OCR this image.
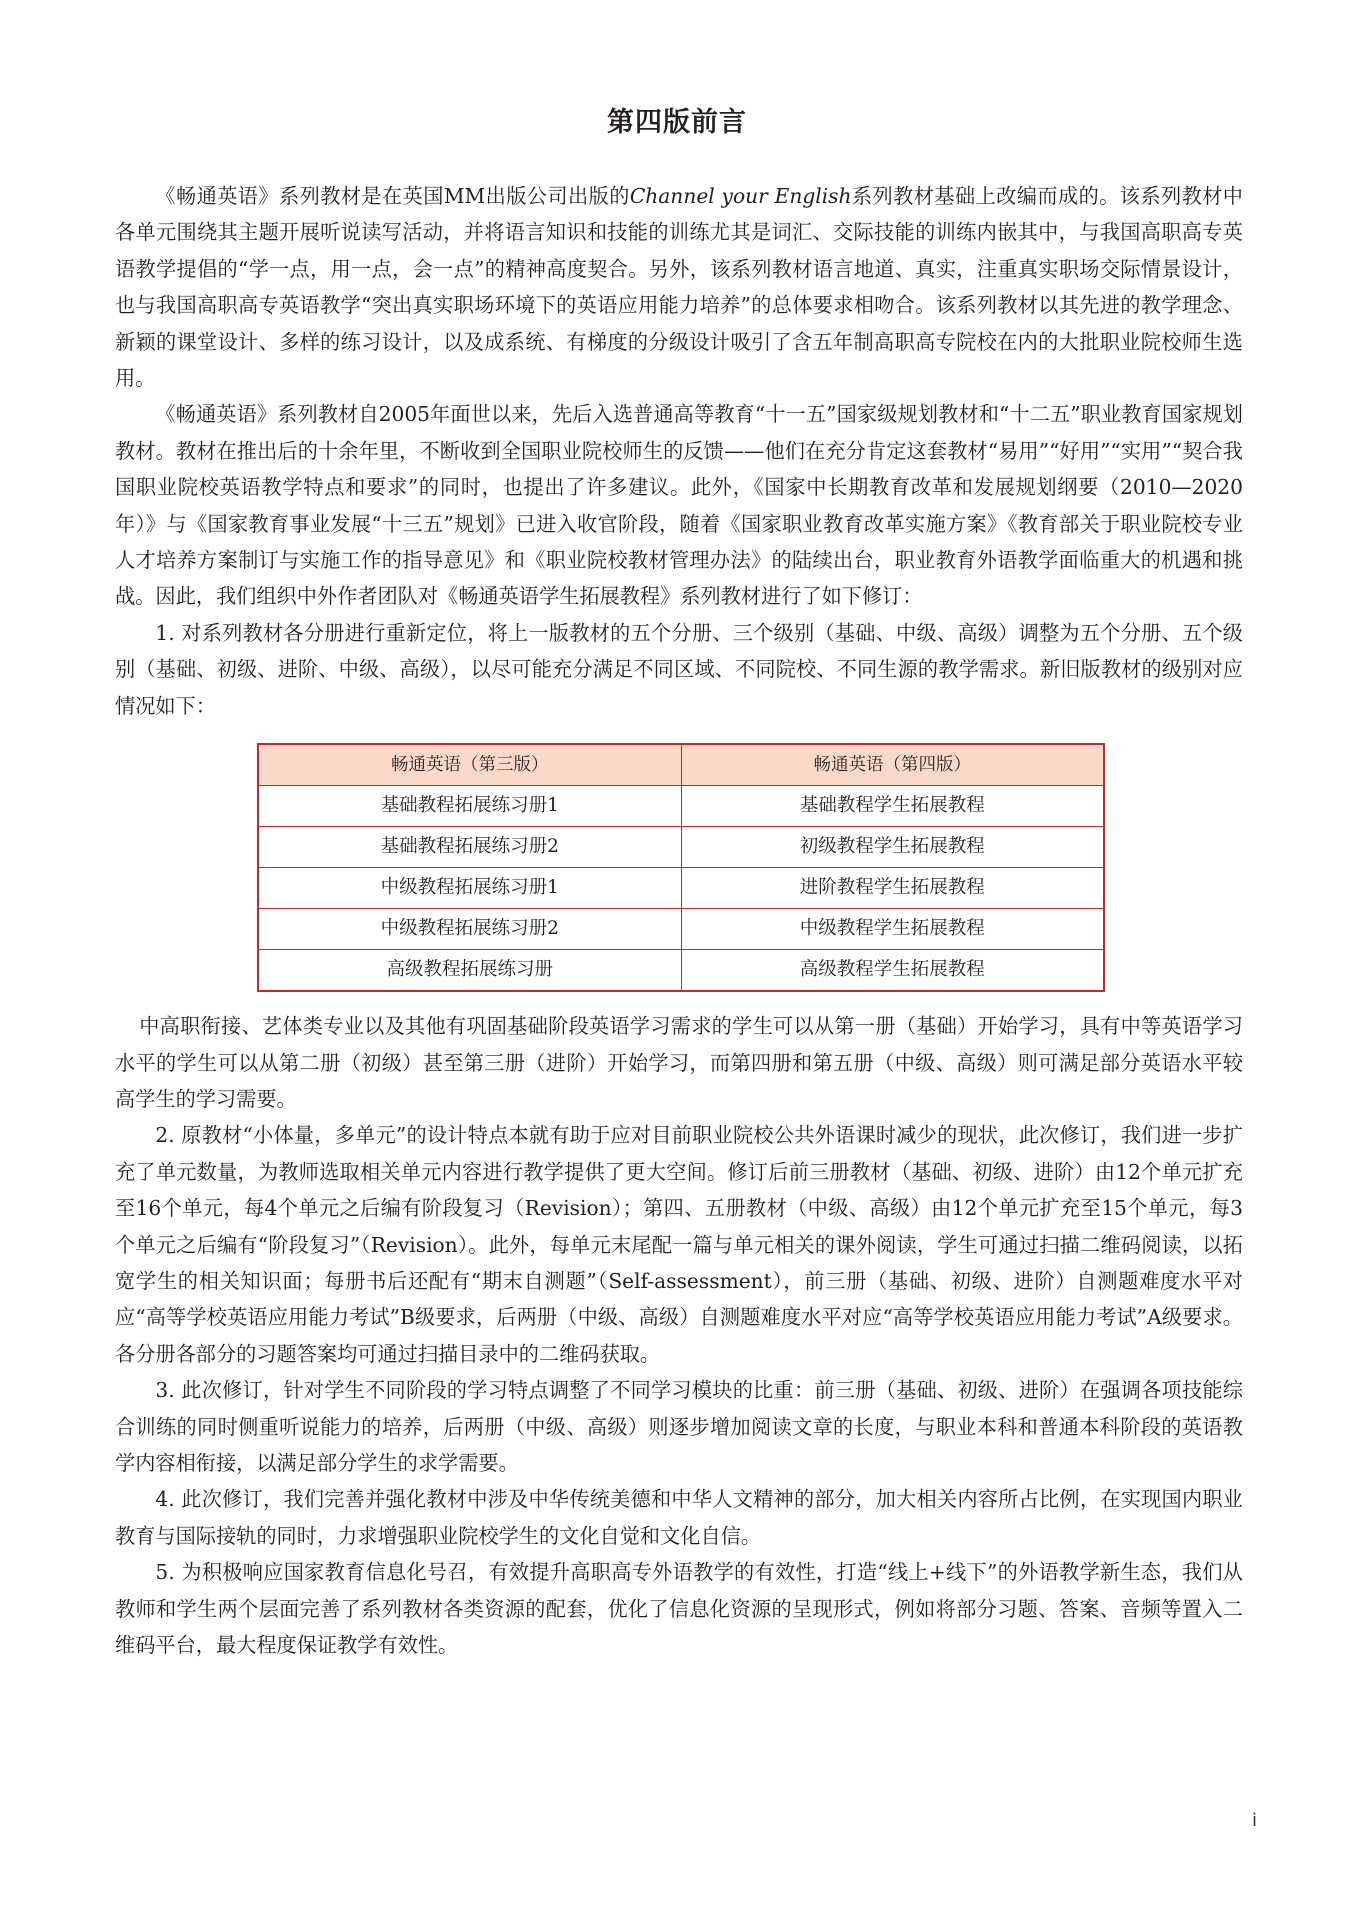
第四版前言

《畅通英语》系列教材是在英国MM出版公司出版的Channel your English系列教材基础上改编而成的。该系列教材中各单元围绕其主题开展听说读写活动，并将语言知识和技能的训练尤其是词汇、交际技能的训练内嵌其中，与我国高职高专英语教学提倡的“学一点，用一点，会一点”的精神高度契合。另外，该系列教材语言地道、真实，注重真实职场交际情景设计，也与我国高职高专英语教学“突出真实职场环境下的英语应用能力培养”的总体要求相吻合。该系列教材以其先进的教学理念、新颖的课堂设计、多样的练习设计，以及成系统、有梯度的分级设计吸引了含五年制高职高专院校在内的大批职业院校师生选用。

《畅通英语》系列教材自2005年面世以来，先后入选普通高等教育“十一五”国家级规划教材和“十二五”职业教育国家规划教材。教材在推出后的十余年里，不断收到全国职业院校师生的反馈——他们在充分肯定这套教材“易用”“好用”“实用”“契合我国职业院校英语教学特点和要求”的同时，也提出了许多建议。此外，《国家中长期教育改革和发展规划纲要（2010—2020年）》与《国家教育事业发展“十三五”规划》已进入收官阶段，随着《国家职业教育改革实施方案》《教育部关于职业院校专业人才培养方案制订与实施工作的指导意见》和《职业院校教材管理办法》的陆续出台，职业教育外语教学面临重大的机遇和挑战。因此，我们组织中外作者团队对《畅通英语学生拓展教程》系列教材进行了如下修订：

1. 对系列教材各分册进行重新定位，将上一版教材的五个分册、三个级别（基础、中级、高级）调整为五个分册、五个级别（基础、初级、进阶、中级、高级），以尽可能充分满足不同区域、不同院校、不同生源的教学需求。新旧版教材的级别对应情况如下：

畅通英语（第三版）	畅通英语（第四版）
基础教程拓展练习册1	基础教程学生拓展教程
基础教程拓展练习册2	初级教程学生拓展教程
中级教程拓展练习册1	进阶教程学生拓展教程
中级教程拓展练习册2	中级教程学生拓展教程
高级教程拓展练习册	高级教程学生拓展教程

中高职衔接、艺体类专业以及其他有巩固基础阶段英语学习需求的学生可以从第一册（基础）开始学习，具有中等英语学习水平的学生可以从第二册（初级）甚至第三册（进阶）开始学习，而第四册和第五册（中级、高级）则可满足部分英语水平较高学生的学习需要。

2. 原教材“小体量，多单元”的设计特点本就有助于应对目前职业院校公共外语课时减少的现状，此次修订，我们进一步扩充了单元数量，为教师选取相关单元内容进行教学提供了更大空间。修订后前三册教材（基础、初级、进阶）由12个单元扩充至16个单元，每4个单元之后编有阶段复习（Revision）；第四、五册教材（中级、高级）由12个单元扩充至15个单元，每3个单元之后编有“阶段复习”（Revision）。此外，每单元末尾配一篇与单元相关的课外阅读，学生可通过扫描二维码阅读，以拓宽学生的相关知识面；每册书后还配有“期末自测题”（Self-assessment），前三册（基础、初级、进阶）自测题难度水平对应“高等学校英语应用能力考试”B级要求，后两册（中级、高级）自测题难度水平对应“高等学校英语应用能力考试”A级要求。各分册各部分的习题答案均可通过扫描目录中的二维码获取。

3. 此次修订，针对学生不同阶段的学习特点调整了不同学习模块的比重：前三册（基础、初级、进阶）在强调各项技能综合训练的同时侧重听说能力的培养，后两册（中级、高级）则逐步增加阅读文章的长度，与职业本科和普通本科阶段的英语教学内容相衔接，以满足部分学生的求学需要。

4. 此次修订，我们完善并强化教材中涉及中华传统美德和中华人文精神的部分，加大相关内容所占比例，在实现国内职业教育与国际接轨的同时，力求增强职业院校学生的文化自觉和文化自信。

5. 为积极响应国家教育信息化号召，有效提升高职高专外语教学的有效性，打造“线上+线下”的外语教学新生态，我们从教师和学生两个层面完善了系列教材各类资源的配套，优化了信息化资源的呈现形式，例如将部分习题、答案、音频等置入二维码平台，最大程度保证教学有效性。

i
